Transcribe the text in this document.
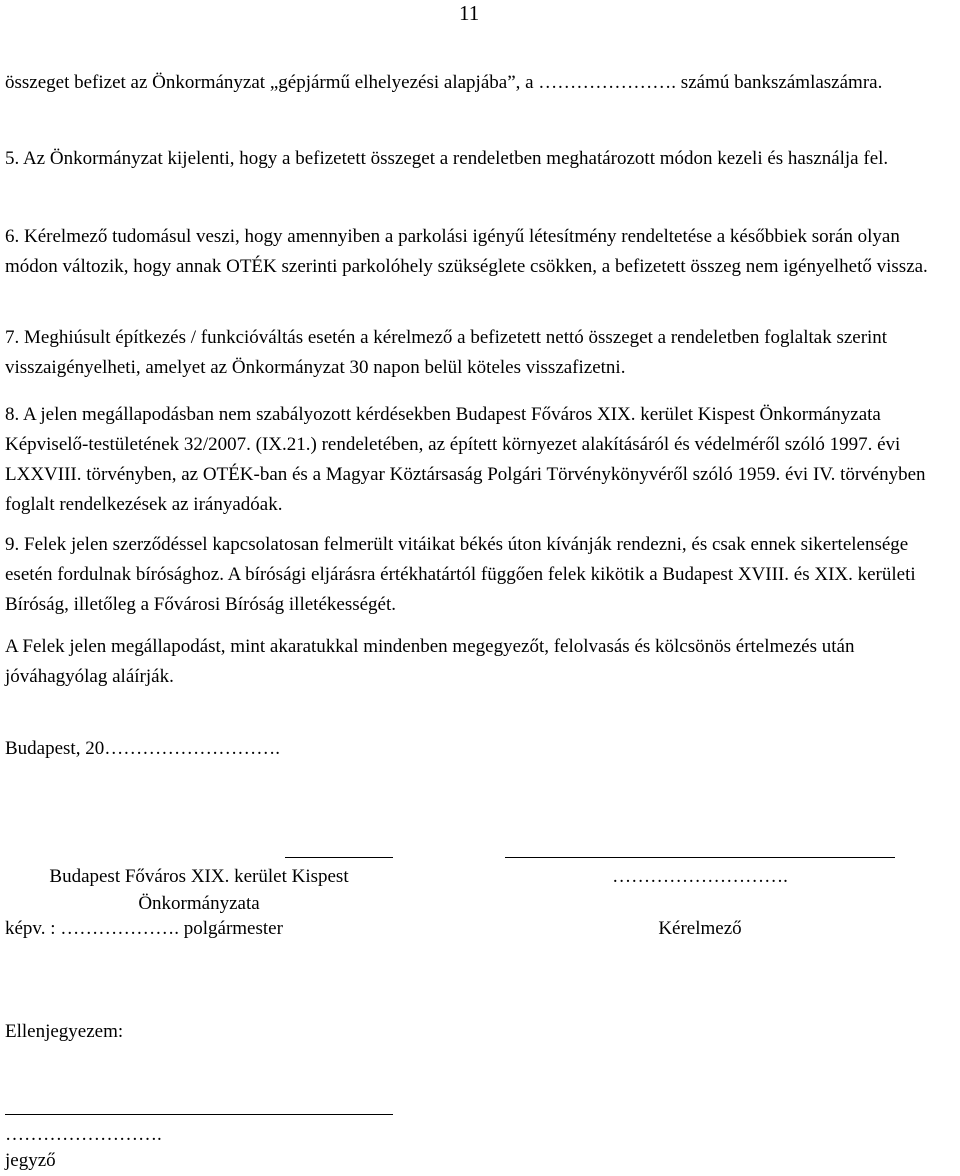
11

összeget befizet az Önkormányzat „gépjármű elhelyezési alapjába”, a …………………. számú bankszámlaszámra.

5. Az Önkormányzat kijelenti, hogy a befizetett összeget a rendeletben meghatározott módon kezeli és használja fel.

6. Kérelmező tudomásul veszi, hogy amennyiben a parkolási igényű létesítmény rendeltetése a későbbiek során olyan módon változik, hogy annak OTÉK szerinti parkolóhely szükséglete csökken, a befizetett összeg nem igényelhető vissza.

7. Meghiúsult építkezés / funkcióváltás esetén a kérelmező a befizetett nettó összeget a rendeletben foglaltak szerint visszaigényelheti, amelyet az Önkormányzat 30 napon belül köteles visszafizetni.

8. A jelen megállapodásban nem szabályozott kérdésekben Budapest Főváros XIX. kerület Kispest Önkormányzata Képviselő-testületének 32/2007. (IX.21.) rendeletében, az épített környezet alakításáról és védelméről szóló 1997. évi LXXVIII. törvényben, az OTÉK-ban és a Magyar Köztársaság Polgári Törvénykönyvéről szóló 1959. évi IV. törvényben foglalt rendelkezések az irányadóak.

9. Felek jelen szerződéssel kapcsolatosan felmerült vitáikat békés úton kívánják rendezni, és csak ennek sikertelensége esetén fordulnak bírósághoz. A bírósági eljárásra értékhatártól függően felek kikötik a Budapest XVIII. és XIX. kerületi Bíróság, illetőleg a Fővárosi Bíróság illetékességét.

A Felek jelen megállapodást, mint akaratukkal mindenben megegyezőt, felolvasás és kölcsönös értelmezés után jóváhagyólag aláírják.

Budapest, 20……………………….
Budapest Főváros XIX. kerület Kispest
Önkormányzata
képv. : ………………. polgármester
……………………….
Kérelmező
Ellenjegyezem:
…………………….
jegyző
